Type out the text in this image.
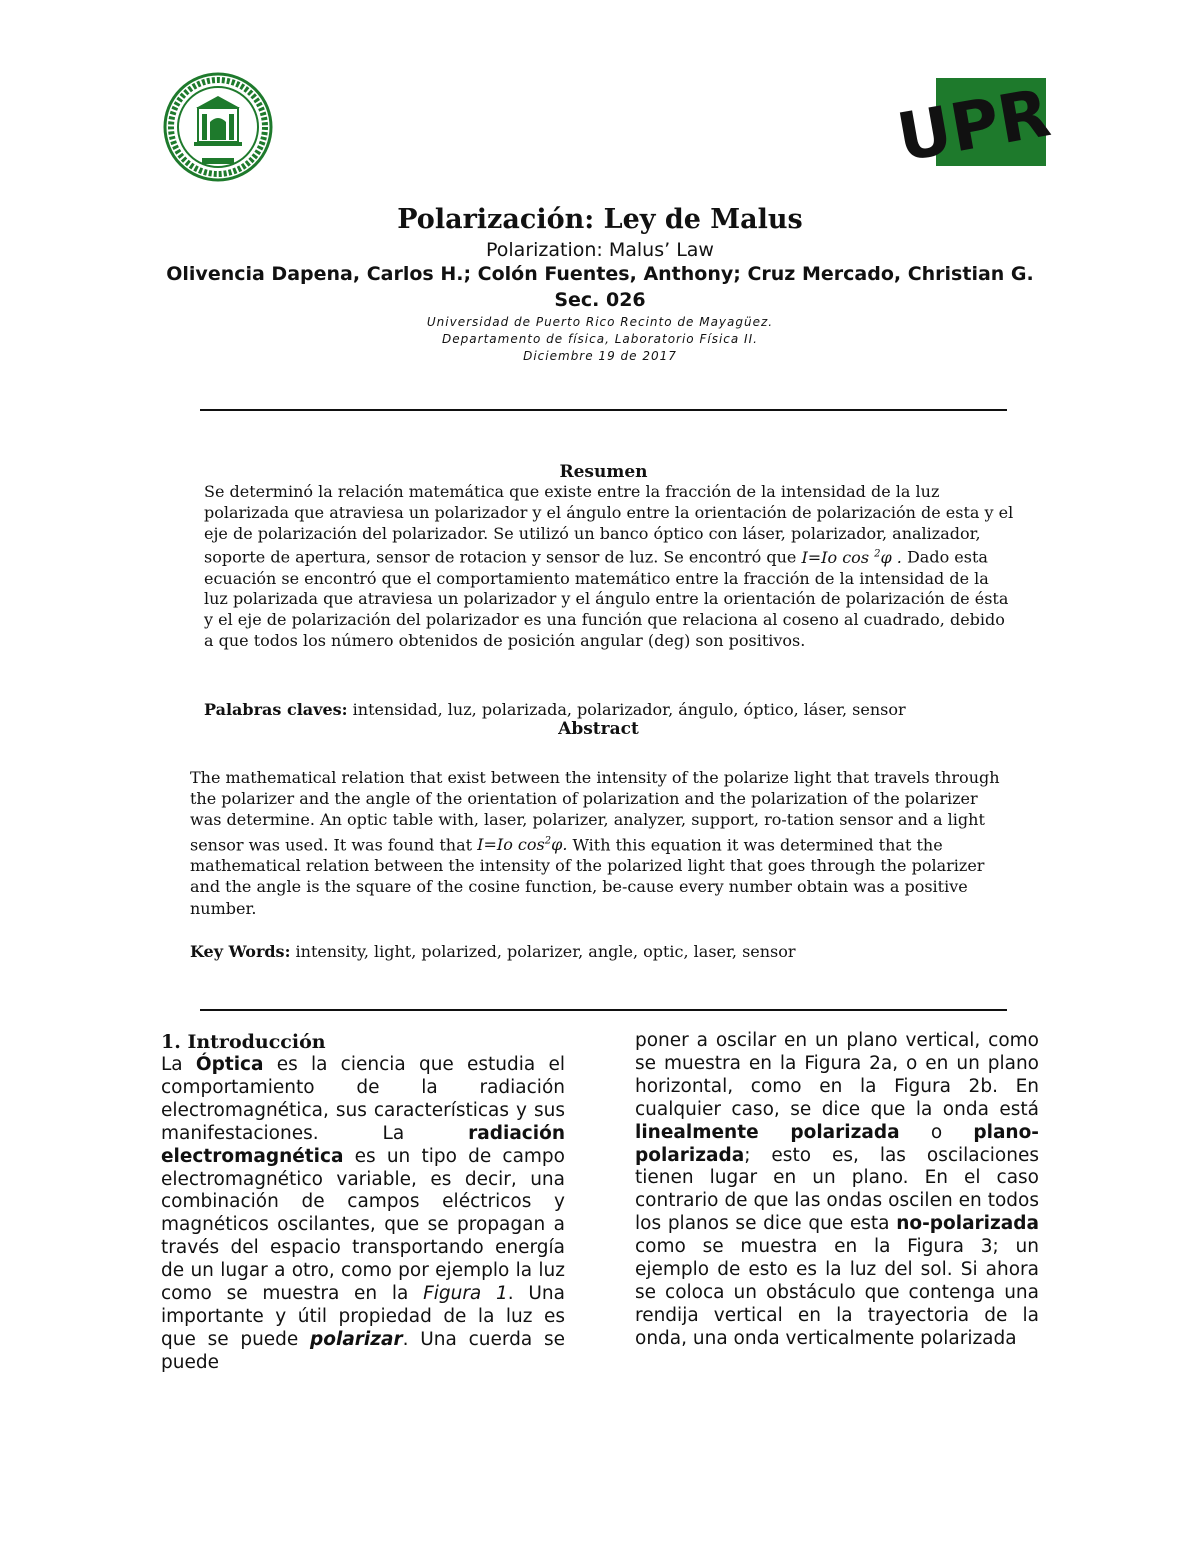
UPR

Polarización: Ley de Malus

Polarization: Malus’ Law

Olivencia Dapena, Carlos H.; Colón Fuentes, Anthony; Cruz Mercado, Christian G.

Sec. 026

Universidad de Puerto Rico Recinto de Mayagüez.

Departamento de física, Laboratorio Física II.

Diciembre 19 de 2017

Resumen
Se determinó la relación matemática que existe entre la fracción de la intensidad de la luz polarizada que atraviesa un polarizador y el ángulo entre la orientación de polarización de esta y el eje de polarización del polarizador. Se utilizó un banco óptico con láser, polarizador, analizador, soporte de apertura, sensor de rotacion y sensor de luz. Se encontró que I=Io cos $^2$φ . Dado esta ecuación se encontró que el comportamiento matemático entre la fracción de la intensidad de la luz polarizada que atraviesa un polarizador y el ángulo entre la orientación de polarización de ésta y el eje de polarización del polarizador es una función que relaciona al coseno al cuadrado, debido a que todos los número obtenidos de posición angular (deg) son positivos.
Palabras claves: intensidad, luz, polarizada, polarizador, ángulo, óptico, láser, sensor
Abstract
The mathematical relation that exist between the intensity of the polarize light that travels through the polarizer and the angle of the orientation of polarization and the polarization of the polarizer was determine. An optic table with, laser, polarizer, analyzer, support, ro-tation sensor and a light sensor was used. It was found that I=Io $\cos^2\varphi$. With this equation it was determined that the mathematical relation between the intensity of the polarized light that goes through the polarizer and the angle is the square of the cosine function, be-cause every number obtain was a positive number.
Key Words: intensity, light, polarized, polarizer, angle, optic, laser, sensor
1. Introducción
La Óptica es la ciencia que estudia el comportamiento de la radiación electromagnética, sus características y sus manifestaciones. La radiación electromagnética es un tipo de campo electromagnético variable, es decir, una combinación de campos eléctricos y magnéticos oscilantes, que se propagan a través del espacio transportando energía de un lugar a otro, como por ejemplo la luz como se muestra en la Figura 1. Una importante y útil propiedad de la luz es que se puede polarizar. Una cuerda se puede
poner a oscilar en un plano vertical, como se muestra en la Figura 2a, o en un plano horizontal, como en la Figura 2b. En cualquier caso, se dice que la onda está linealmente polarizada o plano-polarizada; esto es, las oscilaciones tienen lugar en un plano. En el caso contrario de que las ondas oscilen en todos los planos se dice que esta no-polarizada como se muestra en la Figura 3; un ejemplo de esto es la luz del sol. Si ahora se coloca un obstáculo que contenga una rendija vertical en la trayectoria de la onda, una onda verticalmente polarizada
